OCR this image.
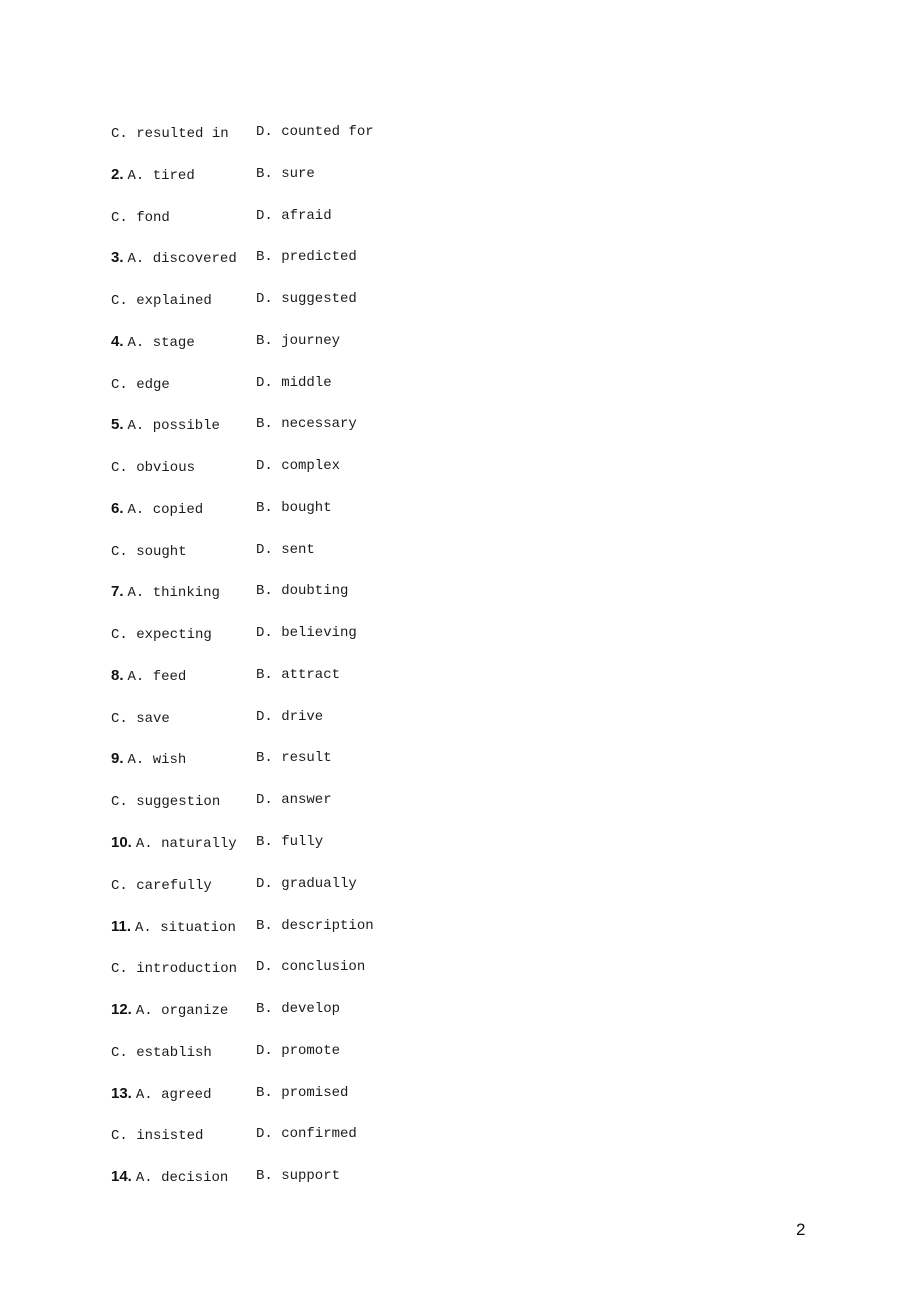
C. resulted in	D. counted for
2. A. tired	B. sure
C. fond	D. afraid
3. A. discovered	B. predicted
C. explained	D. suggested
4. A. stage	B. journey
C. edge	D. middle
5. A. possible	B. necessary
C. obvious	D. complex
6. A. copied	B. bought
C. sought	D. sent
7. A. thinking	B. doubting
C. expecting	D. believing
8. A. feed	B. attract
C. save	D. drive
9. A. wish	B. result
C. suggestion	D. answer
10. A. naturally	B. fully
C. carefully	D. gradually
11. A. situation	B. description
C. introduction	D. conclusion
12. A. organize	B. develop
C. establish	D. promote
13. A. agreed	B. promised
C. insisted	D. confirmed
14. A. decision	B. support
2
